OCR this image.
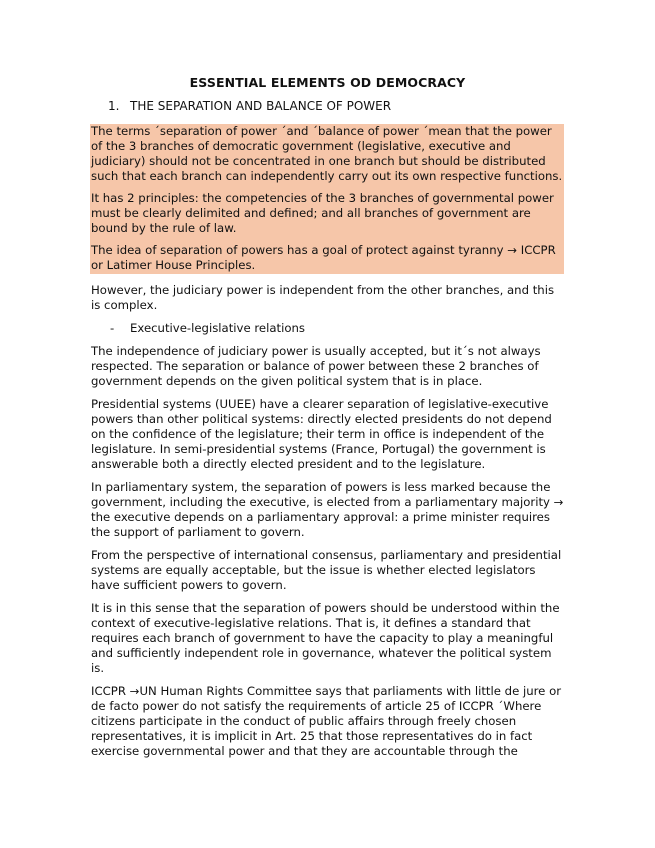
ESSENTIAL ELEMENTS OD DEMOCRACY
1. THE SEPARATION AND BALANCE OF POWER

The terms ´separation of power ´and ´balance of power ´mean that the power of the 3 branches of democratic government (legislative, executive and judiciary) should not be concentrated in one branch but should be distributed such that each branch can independently carry out its own respective functions.

It has 2 principles: the competencies of the 3 branches of governmental power must be clearly delimited and defined; and all branches of government are bound by the rule of law.

The idea of separation of powers has a goal of protect against tyranny → ICCPR or Latimer House Principles.

However, the judiciary power is independent from the other branches, and this is complex.

-	Executive-legislative relations

The independence of judiciary power is usually accepted, but it´s not always respected. The separation or balance of power between these 2 branches of government depends on the given political system that is in place.

Presidential systems (UUEE) have a clearer separation of legislative-executive powers than other political systems: directly elected presidents do not depend on the confidence of the legislature; their term in office is independent of the legislature. In semi-presidential systems (France, Portugal) the government is answerable both a directly elected president and to the legislature.

In parliamentary system, the separation of powers is less marked because the government, including the executive, is elected from a parliamentary majority → the executive depends on a parliamentary approval: a prime minister requires the support of parliament to govern.

From the perspective of international consensus, parliamentary and presidential systems are equally acceptable, but the issue is whether elected legislators have sufficient powers to govern.

It is in this sense that the separation of powers should be understood within the context of executive-legislative relations. That is, it defines a standard that requires each branch of government to have the capacity to play a meaningful and sufficiently independent role in governance, whatever the political system is.

ICCPR →UN Human Rights Committee says that parliaments with little de jure or de facto power do not satisfy the requirements of article 25 of ICCPR ´Where citizens participate in the conduct of public affairs through freely chosen representatives, it is implicit in Art. 25 that those representatives do in fact exercise governmental power and that they are accountable through the
